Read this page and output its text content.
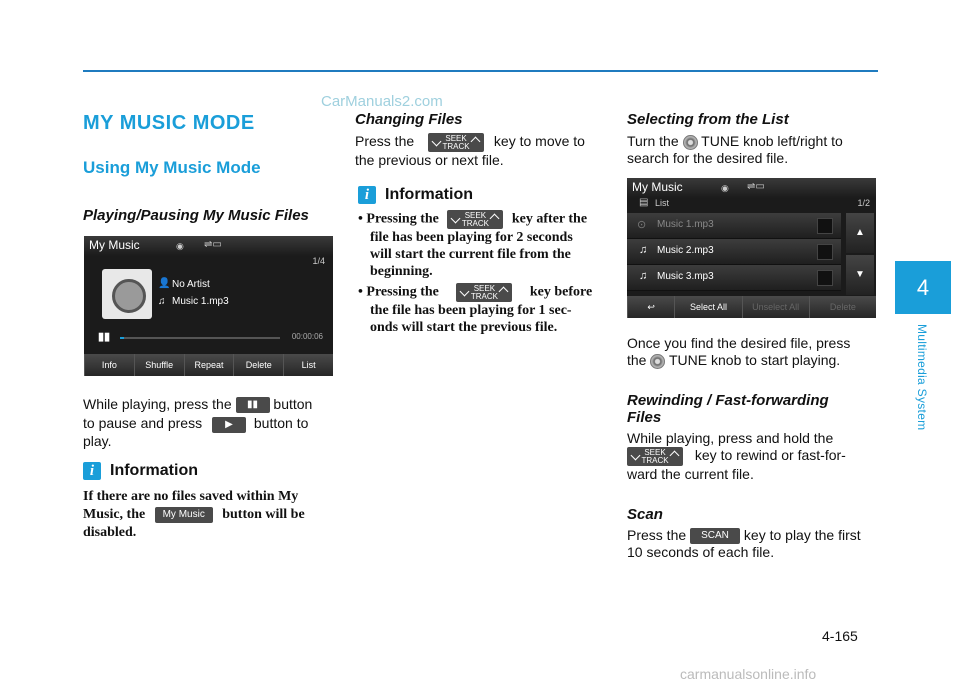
CarManuals2.com
MY MUSIC MODE
Using My Music Mode
Playing/Pausing My Music Files
My Music	◉ ⇌▭
1/4
👤 No Artist
♫ Music 1.mp3
▮▮	00:00:06
Info	Shuffle	Repeat	Delete	List
While playing, press the ▮▮ button
to pause and press ▶ button to
play.
i Information
If there are no files saved within My
Music, the My Music button will be
disabled.
Changing Files
Press the	SEEK
TRACK	key to move to
the previous or next file.
i Information
• Pressing the	SEEK
TRACK	key after the
file has been playing for 2 seconds
will start the current file from the
beginning.
• Pressing the	SEEK
TRACK	key before
the file has been playing for 1 sec-
onds will start the previous file.
Selecting from the List
Turn the TUNE knob left/right to
search for the desired file.
My Music	◉ ⇌▭
▤ List	1/2
⊙ Music 1.mp3
♫ Music 2.mp3
♫ Music 3.mp3
▲
▼
↩	Select All	Unselect All	Delete
Once you find the desired file, press
the TUNE knob to start playing.
Rewinding / Fast-forwarding
Files
While playing, press and hold the
SEEK
TRACK	key to rewind or fast-for-
ward the current file.
Scan
Press the SCAN key to play the first
10 seconds of each file.
4
Multimedia System
4-165
carmanualsonline.info
